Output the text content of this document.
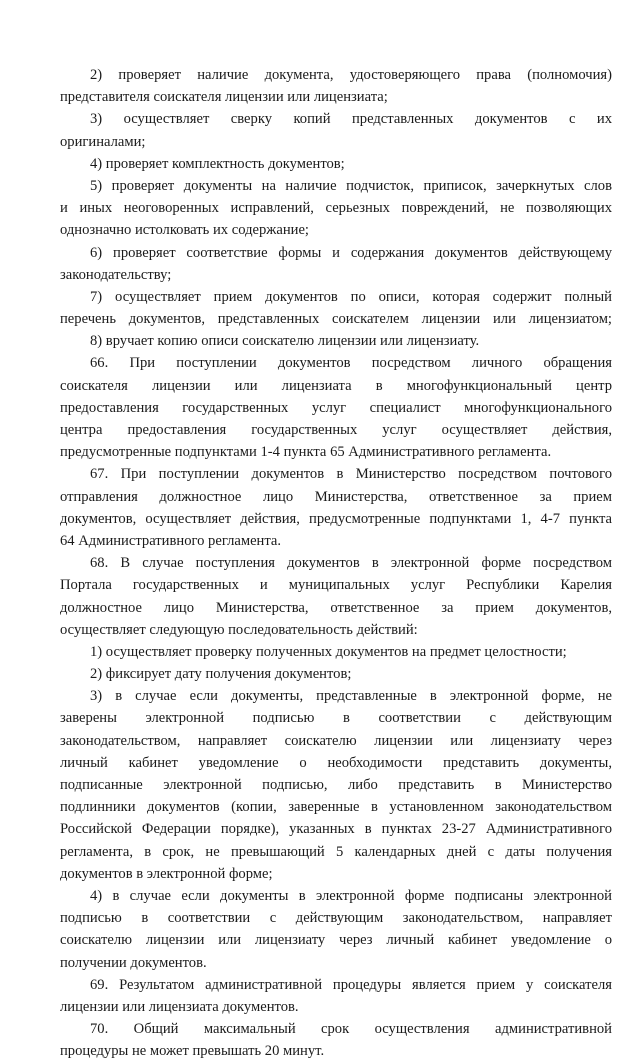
2) проверяет наличие документа, удостоверяющего права (полномочия)
представителя соискателя лицензии или лицензиата;
3) осуществляет сверку копий представленных документов с их
оригиналами;
4) проверяет комплектность документов;
5) проверяет документы на наличие подчисток, приписок, зачеркнутых слов
и иных неоговоренных исправлений, серьезных повреждений, не позволяющих
однозначно истолковать их содержание;
6) проверяет соответствие формы и содержания документов действующему
законодательству;
7) осуществляет прием документов по описи, которая содержит полный
перечень документов, представленных соискателем лицензии или лицензиатом;
8) вручает копию описи соискателю лицензии или лицензиату.
66. При поступлении документов посредством личного обращения
соискателя лицензии или лицензиата в многофункциональный центр
предоставления государственных услуг специалист многофункционального
центра предоставления государственных услуг осуществляет действия,
предусмотренные подпунктами 1-4 пункта 65 Административного регламента.
67. При поступлении документов в Министерство посредством почтового
отправления должностное лицо Министерства, ответственное за прием
документов, осуществляет действия, предусмотренные подпунктами 1, 4-7 пункта
64 Административного регламента.
68. В случае поступления документов в электронной форме посредством
Портала государственных и муниципальных услуг Республики Карелия
должностное лицо Министерства, ответственное за прием документов,
осуществляет следующую последовательность действий:
1) осуществляет проверку полученных документов на предмет целостности;
2) фиксирует дату получения документов;
3) в случае если документы, представленные в электронной форме, не
заверены электронной подписью в соответствии с действующим
законодательством, направляет соискателю лицензии или лицензиату через
личный кабинет уведомление о необходимости представить документы,
подписанные электронной подписью, либо представить в Министерство
подлинники документов (копии, заверенные в установленном законодательством
Российской Федерации порядке), указанных в пунктах 23-27 Административного
регламента, в срок, не превышающий 5 календарных дней с даты получения
документов в электронной форме;
4) в случае если документы в электронной форме подписаны электронной
подписью в соответствии с действующим законодательством, направляет
соискателю лицензии или лицензиату через личный кабинет уведомление о
получении документов.
69. Результатом административной процедуры является прием у соискателя
лицензии или лицензиата документов.
70. Общий максимальный срок осуществления административной
процедуры не может превышать 20 минут.
